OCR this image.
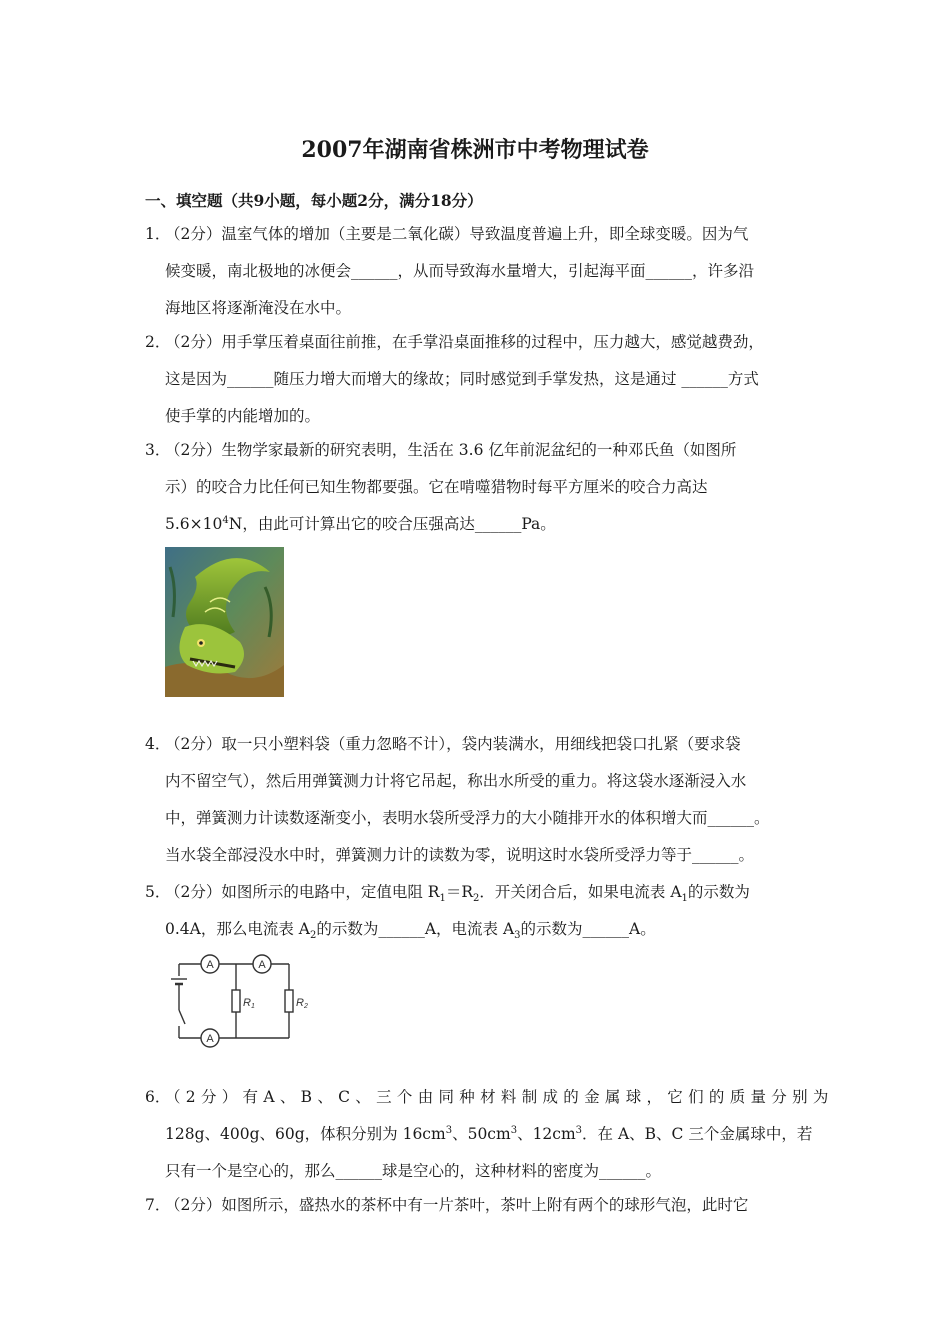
2007年湖南省株洲市中考物理试卷
一、填空题（共9小题，每小题2分，满分18分）
1．
（2分）温室气体的增加（主要是二氧化碳）导致温度普遍上升，即全球变暖。因为气
候变暖，南北极地的冰便会______，从而导致海水量增大，引起海平面______，许多沿
海地区将逐渐淹没在水中。
2．
（2分）用手掌压着桌面往前推，在手掌沿桌面推移的过程中，压力越大，感觉越费劲，
这是因为______随压力增大而增大的缘故；同时感觉到手掌发热，这是通过 ______方式
使手掌的内能增加的。
3．
（2分）生物学家最新的研究表明，生活在 3.6 亿年前泥盆纪的一种邓氏鱼（如图所
示）的咬合力比任何已知生物都要强。它在啃噬猎物时每平方厘米的咬合力高达
$5.6\times 10^4N$，由此可计算出它的咬合压强高达______Pa。
4．
（2分）取一只小塑料袋（重力忽略不计），袋内装满水，用细线把袋口扎紧（要求袋
内不留空气），然后用弹簧测力计将它吊起，称出水所受的重力。将这袋水逐渐浸入水
中，弹簧测力计读数逐渐变小，表明水袋所受浮力的大小随排开水的体积增大而______。
当水袋全部浸没水中时，弹簧测力计的读数为零，说明这时水袋所受浮力等于______。
5．
（2分）如图所示的电路中，定值电阻 $R_1=R_2$．开关闭合后，如果电流表 $A_1$的示数为
0.4A，那么电流表 $A_2$的示数为______A，电流表 $A_3$的示数为______A。
A	A
A
R1	R2
6．
（2分）有A、B、C、三个由同种材料制成的金属球，它们的质量分别为
128g、400g、60g，体积分别为 $16cm^3$、$50cm^3$、$12cm^3$．在 A、B、C 三个金属球中，若
只有一个是空心的，那么______球是空心的，这种材料的密度为______。
7．
（2分）如图所示，盛热水的茶杯中有一片茶叶，茶叶上附有两个的球形气泡，此时它
